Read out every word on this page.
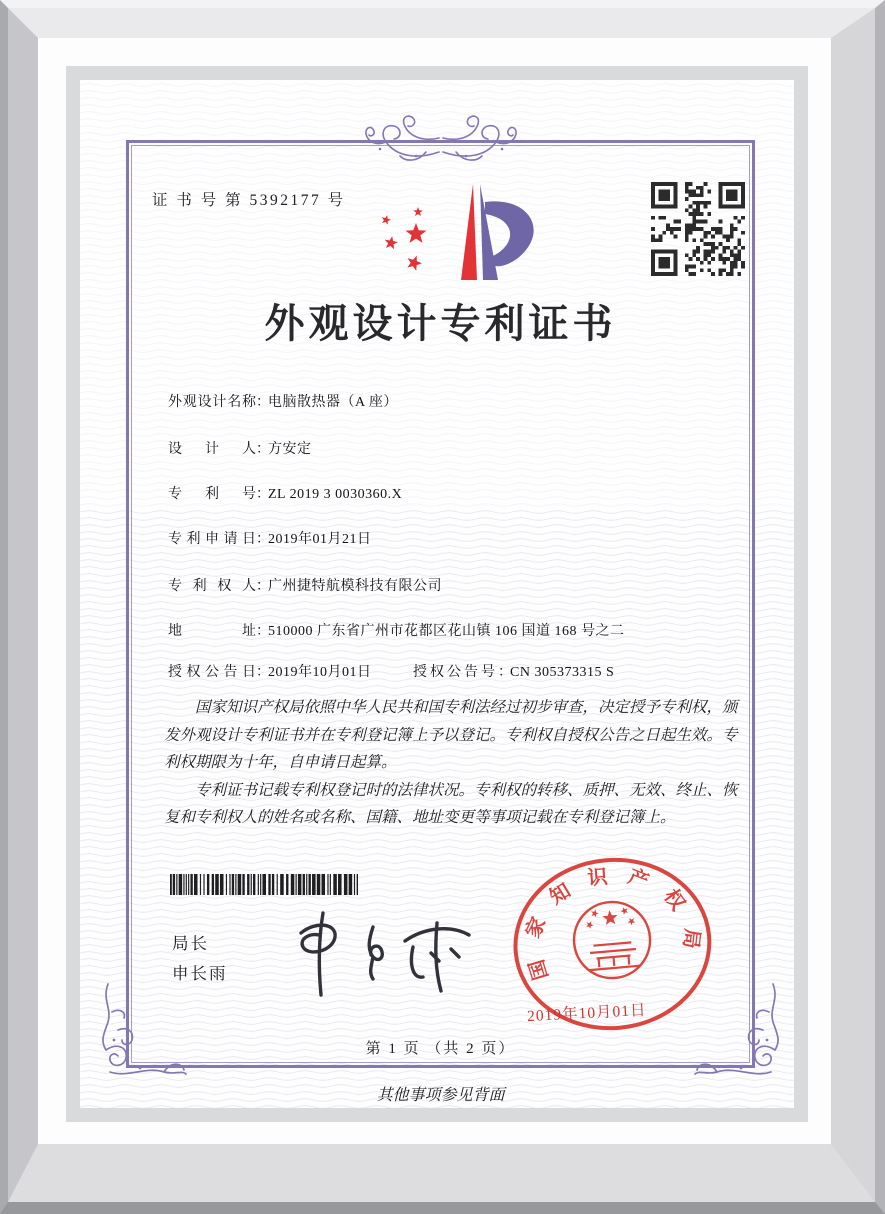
证 书 号 第 5392177 号
外观设计专利证书
外观设计名称：电脑散热器（A 座）
设计人：方安定
专利号：ZL 2019 3 0030360.X
专利申请日：2019年01月21日
专利权人：广州捷特航模科技有限公司
地址：510000 广东省广州市花都区花山镇 106 国道 168 号之二
授权公告日：2019年10月01日	授权公告号：CN 305373315 S

国家知识产权局依照中华人民共和国专利法经过初步审查，决定授予专利权，颁发外观设计专利证书并在专利登记簿上予以登记。专利权自授权公告之日起生效。专利权期限为十年，自申请日起算。

专利证书记载专利权登记时的法律状况。专利权的转移、质押、无效、终止、恢复和专利权人的姓名或名称、国籍、地址变更等事项记载在专利登记簿上。

局长
申长雨	国家知识产权局
2019年10月01日
第 1 页 （共 2 页）
其他事项参见背面
